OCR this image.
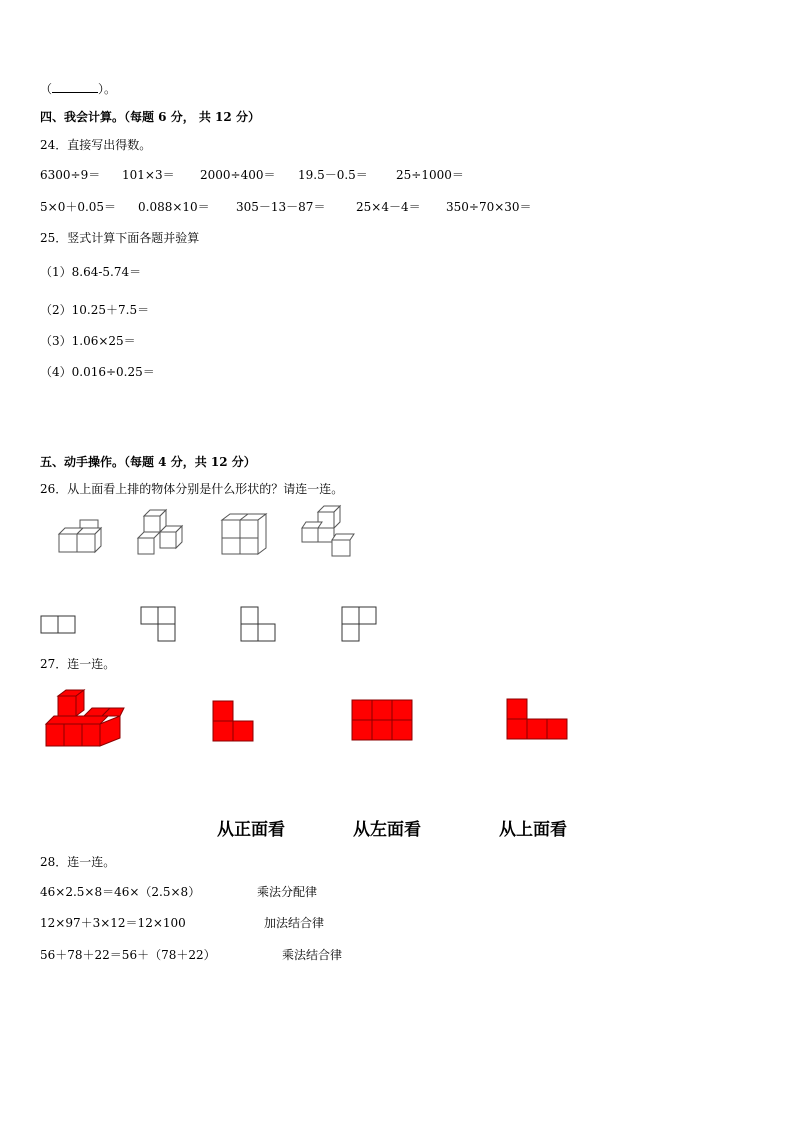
（	）。
四、我会计算。（每题 6 分， 共 12 分）
24．直接写出得数。
6300÷9＝ 101×3＝ 2000÷400＝ 19.5－0.5＝ 25÷1000＝
5×0＋0.05＝ 0.088×10＝ 305－13－87＝	25×4－4＝ 350÷70×30＝
25．竖式计算下面各题并验算
（1）8.64-5.74＝
（2）10.25＋7.5＝
（3）1.06×25＝
（4）0.016÷0.25＝
五、动手操作。（每题 4 分，共 12 分）
26．从上面看上排的物体分别是什么形状的？请连一连。
27．连一连。
从正面看	从左面看	从上面看
28．连一连。
46×2.5×8＝46×（2.5×8）
12×97＋3×12＝12×100
56＋78＋22＝56＋（78＋22）
乘法分配律
加法结合律
乘法结合律
